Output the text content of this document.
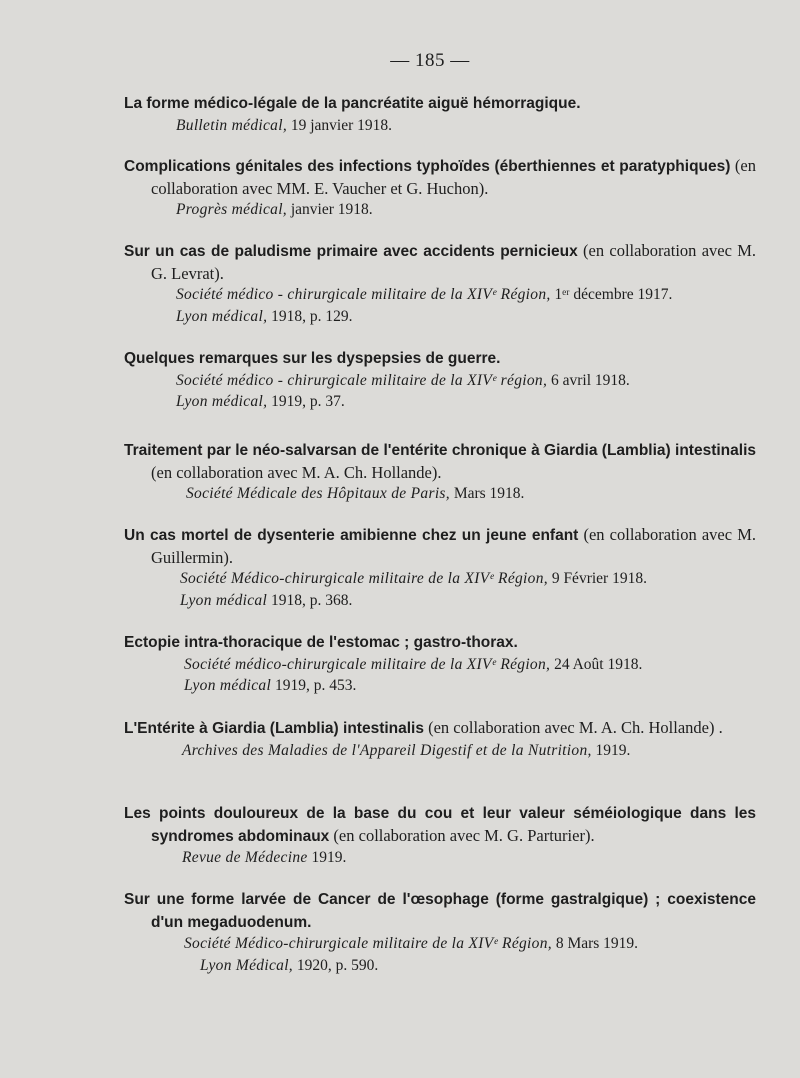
— 185 —
La forme médico-légale de la pancréatite aiguë hémorragique.
Bulletin médical, 19 janvier 1918.
Complications génitales des infections typhoïdes (éberthiennes et paratyphiques) (en collaboration avec MM. E. Vaucher et G. Huchon).
Progrès médical, janvier 1918.
Sur un cas de paludisme primaire avec accidents pernicieux (en collaboration avec M. G. Levrat).
Société médico - chirurgicale militaire de la XIVᵉ Région, 1ᵉʳ décembre 1917.
Lyon médical, 1918, p. 129.
Quelques remarques sur les dyspepsies de guerre.
Société médico - chirurgicale militaire de la XIVᵉ région, 6 avril 1918.
Lyon médical, 1919, p. 37.
Traitement par le néo-salvarsan de l'entérite chronique à Giardia (Lamblia) intestinalis (en collaboration avec M. A. Ch. Hollande).
Société Médicale des Hôpitaux de Paris, Mars 1918.
Un cas mortel de dysenterie amibienne chez un jeune enfant (en collaboration avec M. Guillermin).
Société Médico-chirurgicale militaire de la XIVᵉ Région, 9 Février 1918.
Lyon médical 1918, p. 368.
Ectopie intra-thoracique de l'estomac ; gastro-thorax.
Société médico-chirurgicale militaire de la XIVᵉ Région, 24 Août 1918.
Lyon médical 1919, p. 453.
L'Entérite à Giardia (Lamblia) intestinalis (en collaboration avec M. A. Ch. Hollande) .
Archives des Maladies de l'Appareil Digestif et de la Nutrition, 1919.
Les points douloureux de la base du cou et leur valeur séméiologique dans les syndromes abdominaux (en collaboration avec M. G. Parturier).
Revue de Médecine 1919.
Sur une forme larvée de Cancer de l'œsophage (forme gastralgique) ; coexistence d'un megaduodenum.
Société Médico-chirurgicale militaire de la XIVᵉ Région, 8 Mars 1919.
Lyon Médical, 1920, p. 590.
